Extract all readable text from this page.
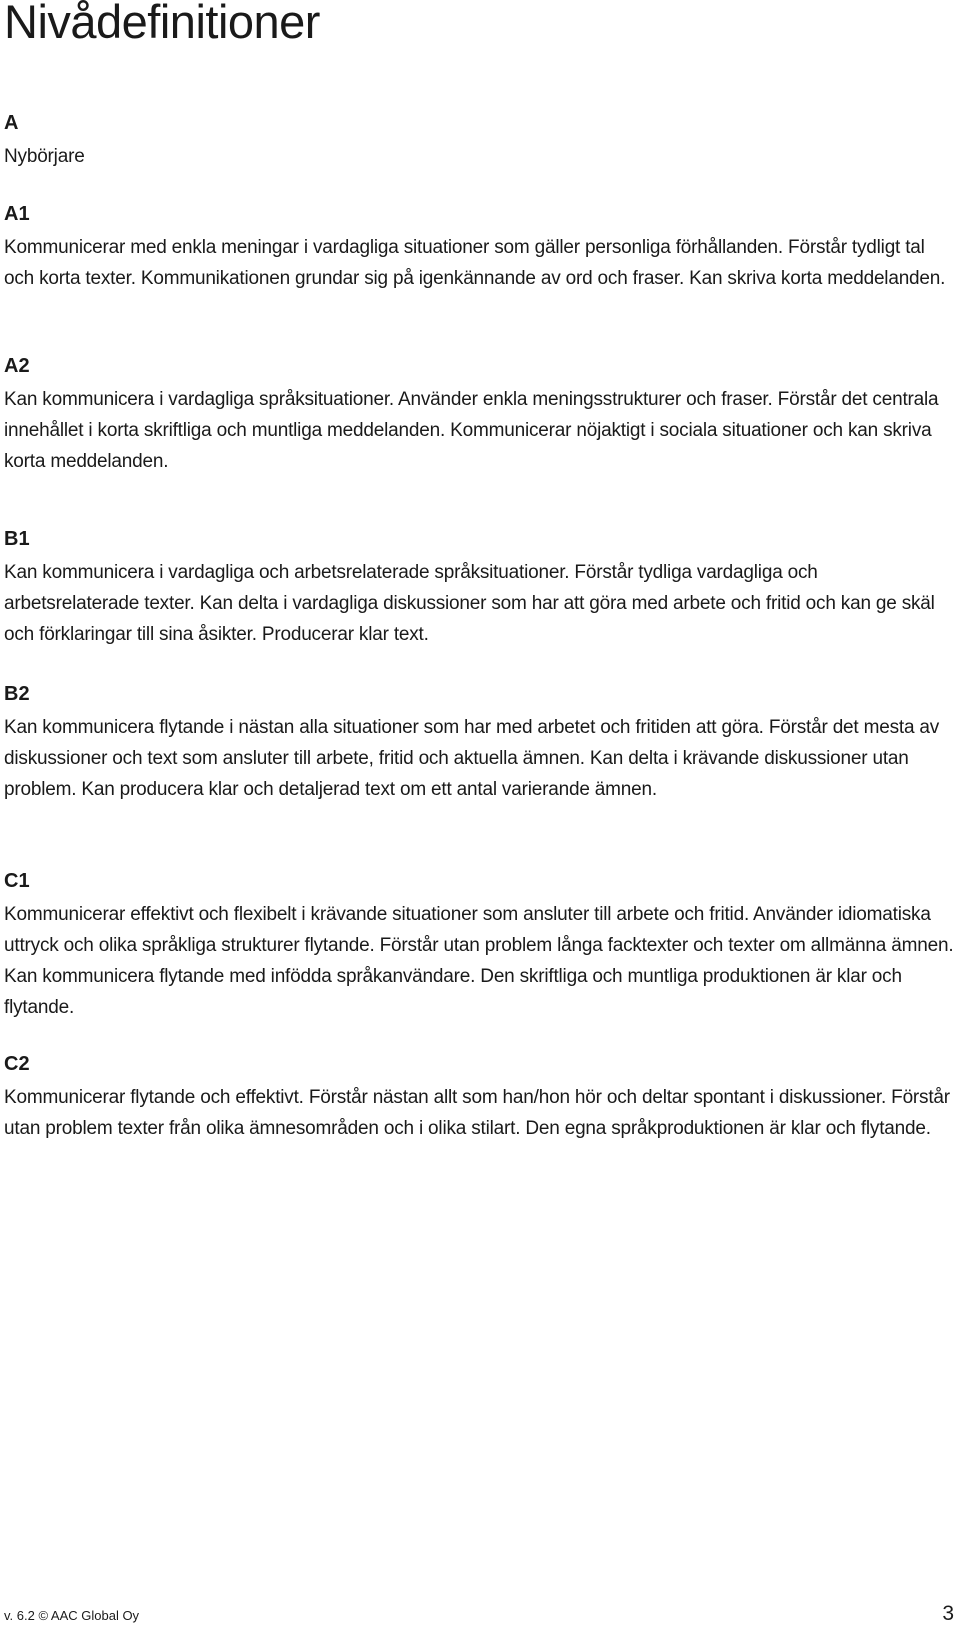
Nivådefinitioner
A

Nybörjare

A1

Kommunicerar med enkla meningar i vardagliga situationer som gäller personliga förhållanden. Förstår tydligt tal och korta texter. Kommunikationen grundar sig på igenkännande av ord och fraser. Kan skriva korta meddelanden.

A2

Kan kommunicera i vardagliga språksituationer. Använder enkla meningsstrukturer och fraser. Förstår det centrala innehållet i korta skriftliga och muntliga meddelanden. Kommunicerar nöjaktigt i sociala situationer och kan skriva korta meddelanden.

B1

Kan kommunicera i vardagliga och arbetsrelaterade språksituationer. Förstår tydliga vardagliga och arbetsrelaterade texter. Kan delta i vardagliga diskussioner som har att göra med arbete och fritid och kan ge skäl och förklaringar till sina åsikter. Producerar klar text.

B2

Kan kommunicera flytande i nästan alla situationer som har med arbetet och fritiden att göra. Förstår det mesta av diskussioner och text som ansluter till arbete, fritid och aktuella ämnen. Kan delta i krävande diskussioner utan problem. Kan producera klar och detaljerad text om ett antal varierande ämnen.

C1

Kommunicerar effektivt och flexibelt i krävande situationer som ansluter till arbete och fritid. Använder idiomatiska uttryck och olika språkliga strukturer flytande. Förstår utan problem långa facktexter och texter om allmänna ämnen. Kan kommunicera flytande med infödda språkanvändare. Den skriftliga och muntliga produktionen är klar och flytande.

C2

Kommunicerar flytande och effektivt. Förstår nästan allt som han/hon hör och deltar spontant i diskussioner. Förstår utan problem texter från olika ämnesområden och i olika stilart. Den egna språkproduktionen är klar och flytande.

v. 6.2 © AAC Global Oy	3
